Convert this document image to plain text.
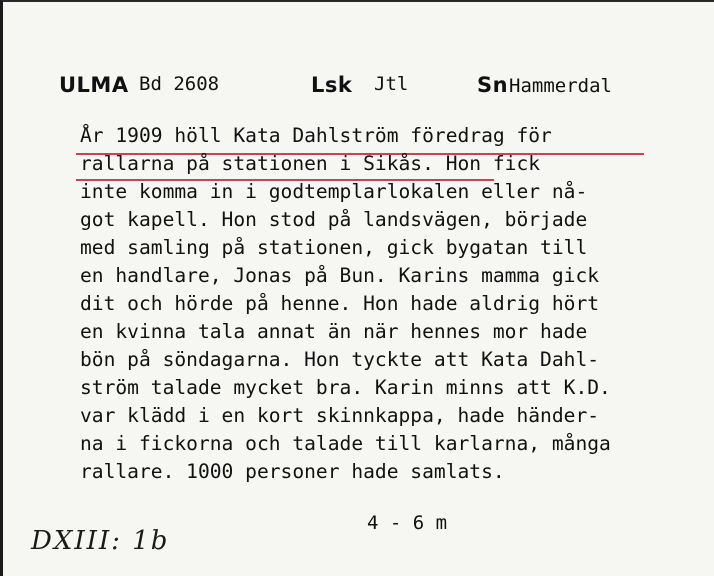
ULMA Bd 2608	Lsk Jtl	Sn Hammerdal
År 1909 höll Kata Dahlström föredrag för
rallarna på stationen i Sikås. Hon fick
inte komma in i godtemplarlokalen eller nå-
got kapell. Hon stod på landsvägen, började
med samling på stationen, gick bygatan till
en handlare, Jonas på Bun. Karins mamma gick
dit och hörde på henne. Hon hade aldrig hört
en kvinna tala annat än när hennes mor hade
bön på söndagarna. Hon tyckte att Kata Dahl-
ström talade mycket bra. Karin minns att K.D.
var klädd i en kort skinnkappa, hade händer-
na i fickorna och talade till karlarna, många
rallare. 1000 personer hade samlats.
4 - 6 m
DXIII: 1b
